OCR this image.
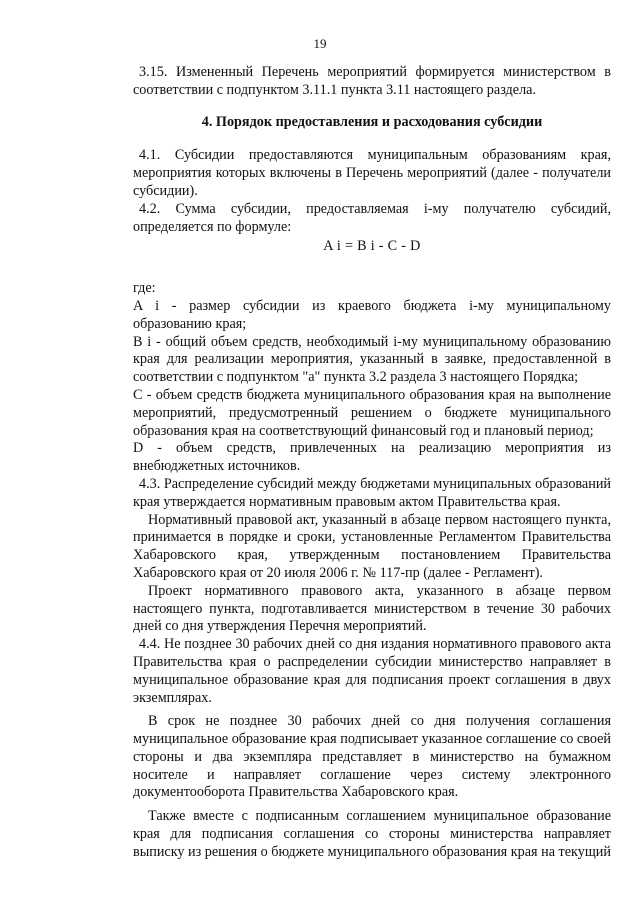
19

3.15. Измененный Перечень мероприятий формируется министерством в соответствии с подпунктом 3.11.1 пункта 3.11 настоящего раздела.

4. Порядок предоставления и расходования субсидии

4.1. Субсидии предоставляются муниципальным образованиям края, мероприятия которых включены в Перечень мероприятий (далее - получатели субсидии).

4.2. Сумма субсидии, предоставляемая i-му получателю субсидий, определяется по формуле:

A i = B i - C - D

где:

A i - размер субсидии из краевого бюджета i-му муниципальному образованию края;

B i - общий объем средств, необходимый i-му муниципальному образованию края для реализации мероприятия, указанный в заявке, предоставленной в соответствии с подпунктом "а" пункта 3.2 раздела 3 настоящего Порядка;

C - объем средств бюджета муниципального образования края на выполнение мероприятий, предусмотренный решением о бюджете муниципального образования края на соответствующий финансовый год и плановый период;

D - объем средств, привлеченных на реализацию мероприятия из внебюджетных источников.

4.3. Распределение субсидий между бюджетами муниципальных образований края утверждается нормативным правовым актом Правительства края.

Нормативный правовой акт, указанный в абзаце первом настоящего пункта, принимается в порядке и сроки, установленные Регламентом Правительства Хабаровского края, утвержденным постановлением Правительства Хабаровского края от 20 июля 2006 г. № 117-пр (далее - Регламент).

Проект нормативного правового акта, указанного в абзаце первом настоящего пункта, подготавливается министерством в течение 30 рабочих дней со дня утверждения Перечня мероприятий.

4.4. Не позднее 30 рабочих дней со дня издания нормативного правового акта Правительства края о распределении субсидии министерство направляет в муниципальное образование края для подписания проект соглашения в двух экземплярах.

В срок не позднее 30 рабочих дней со дня получения соглашения муниципальное образование края подписывает указанное соглашение со своей стороны и два экземпляра представляет в министерство на бумажном носителе и направляет соглашение через систему электронного документооборота Правительства Хабаровского края.

Также вместе с подписанным соглашением муниципальное образование края для подписания соглашения со стороны министерства направляет выписку из решения о бюджете муниципального образования края на текущий
